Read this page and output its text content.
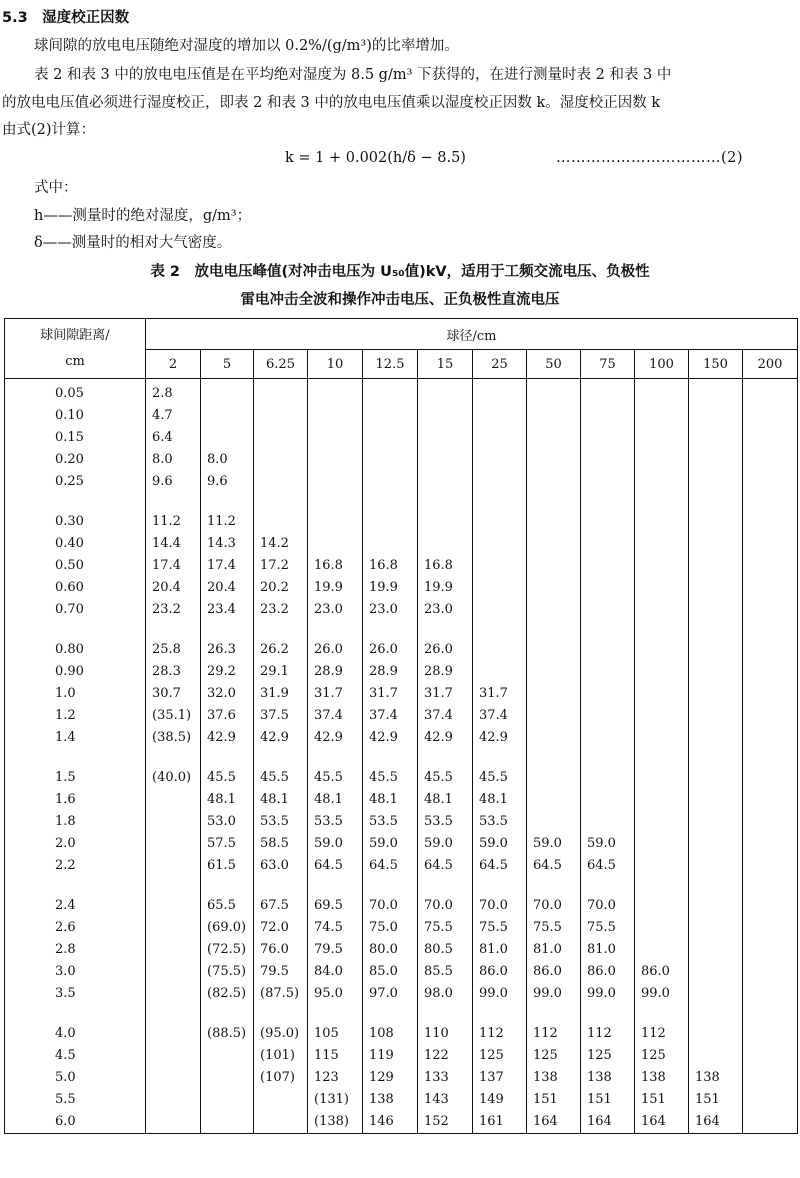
5.3　湿度校正因数
球间隙的放电电压随绝对湿度的增加以 0.2%/(g/m³)的比率增加。
表 2 和表 3 中的放电电压值是在平均绝对湿度为 8.5 g/m³ 下获得的，在进行测量时表 2 和表 3 中
的放电电压值必须进行湿度校正，即表 2 和表 3 中的放电电压值乘以湿度校正因数 k。湿度校正因数 k
由式(2)计算：
k = 1 + 0.002(h/δ − 8.5)	……………………………(2)
式中：
h——测量时的绝对湿度，g/m³；
δ——测量时的相对大气密度。
表 2　放电电压峰值(对冲击电压为 U₅₀值)kV，适用于工频交流电压、负极性
雷电冲击全波和操作冲击电压、正负极性直流电压
球间隙距离/
cm	球径/cm											
	2	5	6.25	10	12.5	15	25	50	75	100	150	200
0.05	2.8											
0.10	4.7											
0.15	6.4											
0.20	8.0	8.0										
0.25	9.6	9.6										

0.30	11.2	11.2										
0.40	14.4	14.3	14.2									
0.50	17.4	17.4	17.2	16.8	16.8	16.8						
0.60	20.4	20.4	20.2	19.9	19.9	19.9						
0.70	23.2	23.4	23.2	23.0	23.0	23.0						

0.80	25.8	26.3	26.2	26.0	26.0	26.0						
0.90	28.3	29.2	29.1	28.9	28.9	28.9						
1.0	30.7	32.0	31.9	31.7	31.7	31.7	31.7					
1.2	(35.1)	37.6	37.5	37.4	37.4	37.4	37.4					
1.4	(38.5)	42.9	42.9	42.9	42.9	42.9	42.9					

1.5	(40.0)	45.5	45.5	45.5	45.5	45.5	45.5					
1.6		48.1	48.1	48.1	48.1	48.1	48.1					
1.8		53.0	53.5	53.5	53.5	53.5	53.5					
2.0		57.5	58.5	59.0	59.0	59.0	59.0	59.0	59.0			
2.2		61.5	63.0	64.5	64.5	64.5	64.5	64.5	64.5			

2.4		65.5	67.5	69.5	70.0	70.0	70.0	70.0	70.0			
2.6		(69.0)	72.0	74.5	75.0	75.5	75.5	75.5	75.5			
2.8		(72.5)	76.0	79.5	80.0	80.5	81.0	81.0	81.0			
3.0		(75.5)	79.5	84.0	85.0	85.5	86.0	86.0	86.0	86.0		
3.5		(82.5)	(87.5)	95.0	97.0	98.0	99.0	99.0	99.0	99.0		

4.0		(88.5)	(95.0)	105	108	110	112	112	112	112		
4.5			(101)	115	119	122	125	125	125	125		
5.0			(107)	123	129	133	137	138	138	138	138	
5.5				(131)	138	143	149	151	151	151	151	
6.0				(138)	146	152	161	164	164	164	164	
